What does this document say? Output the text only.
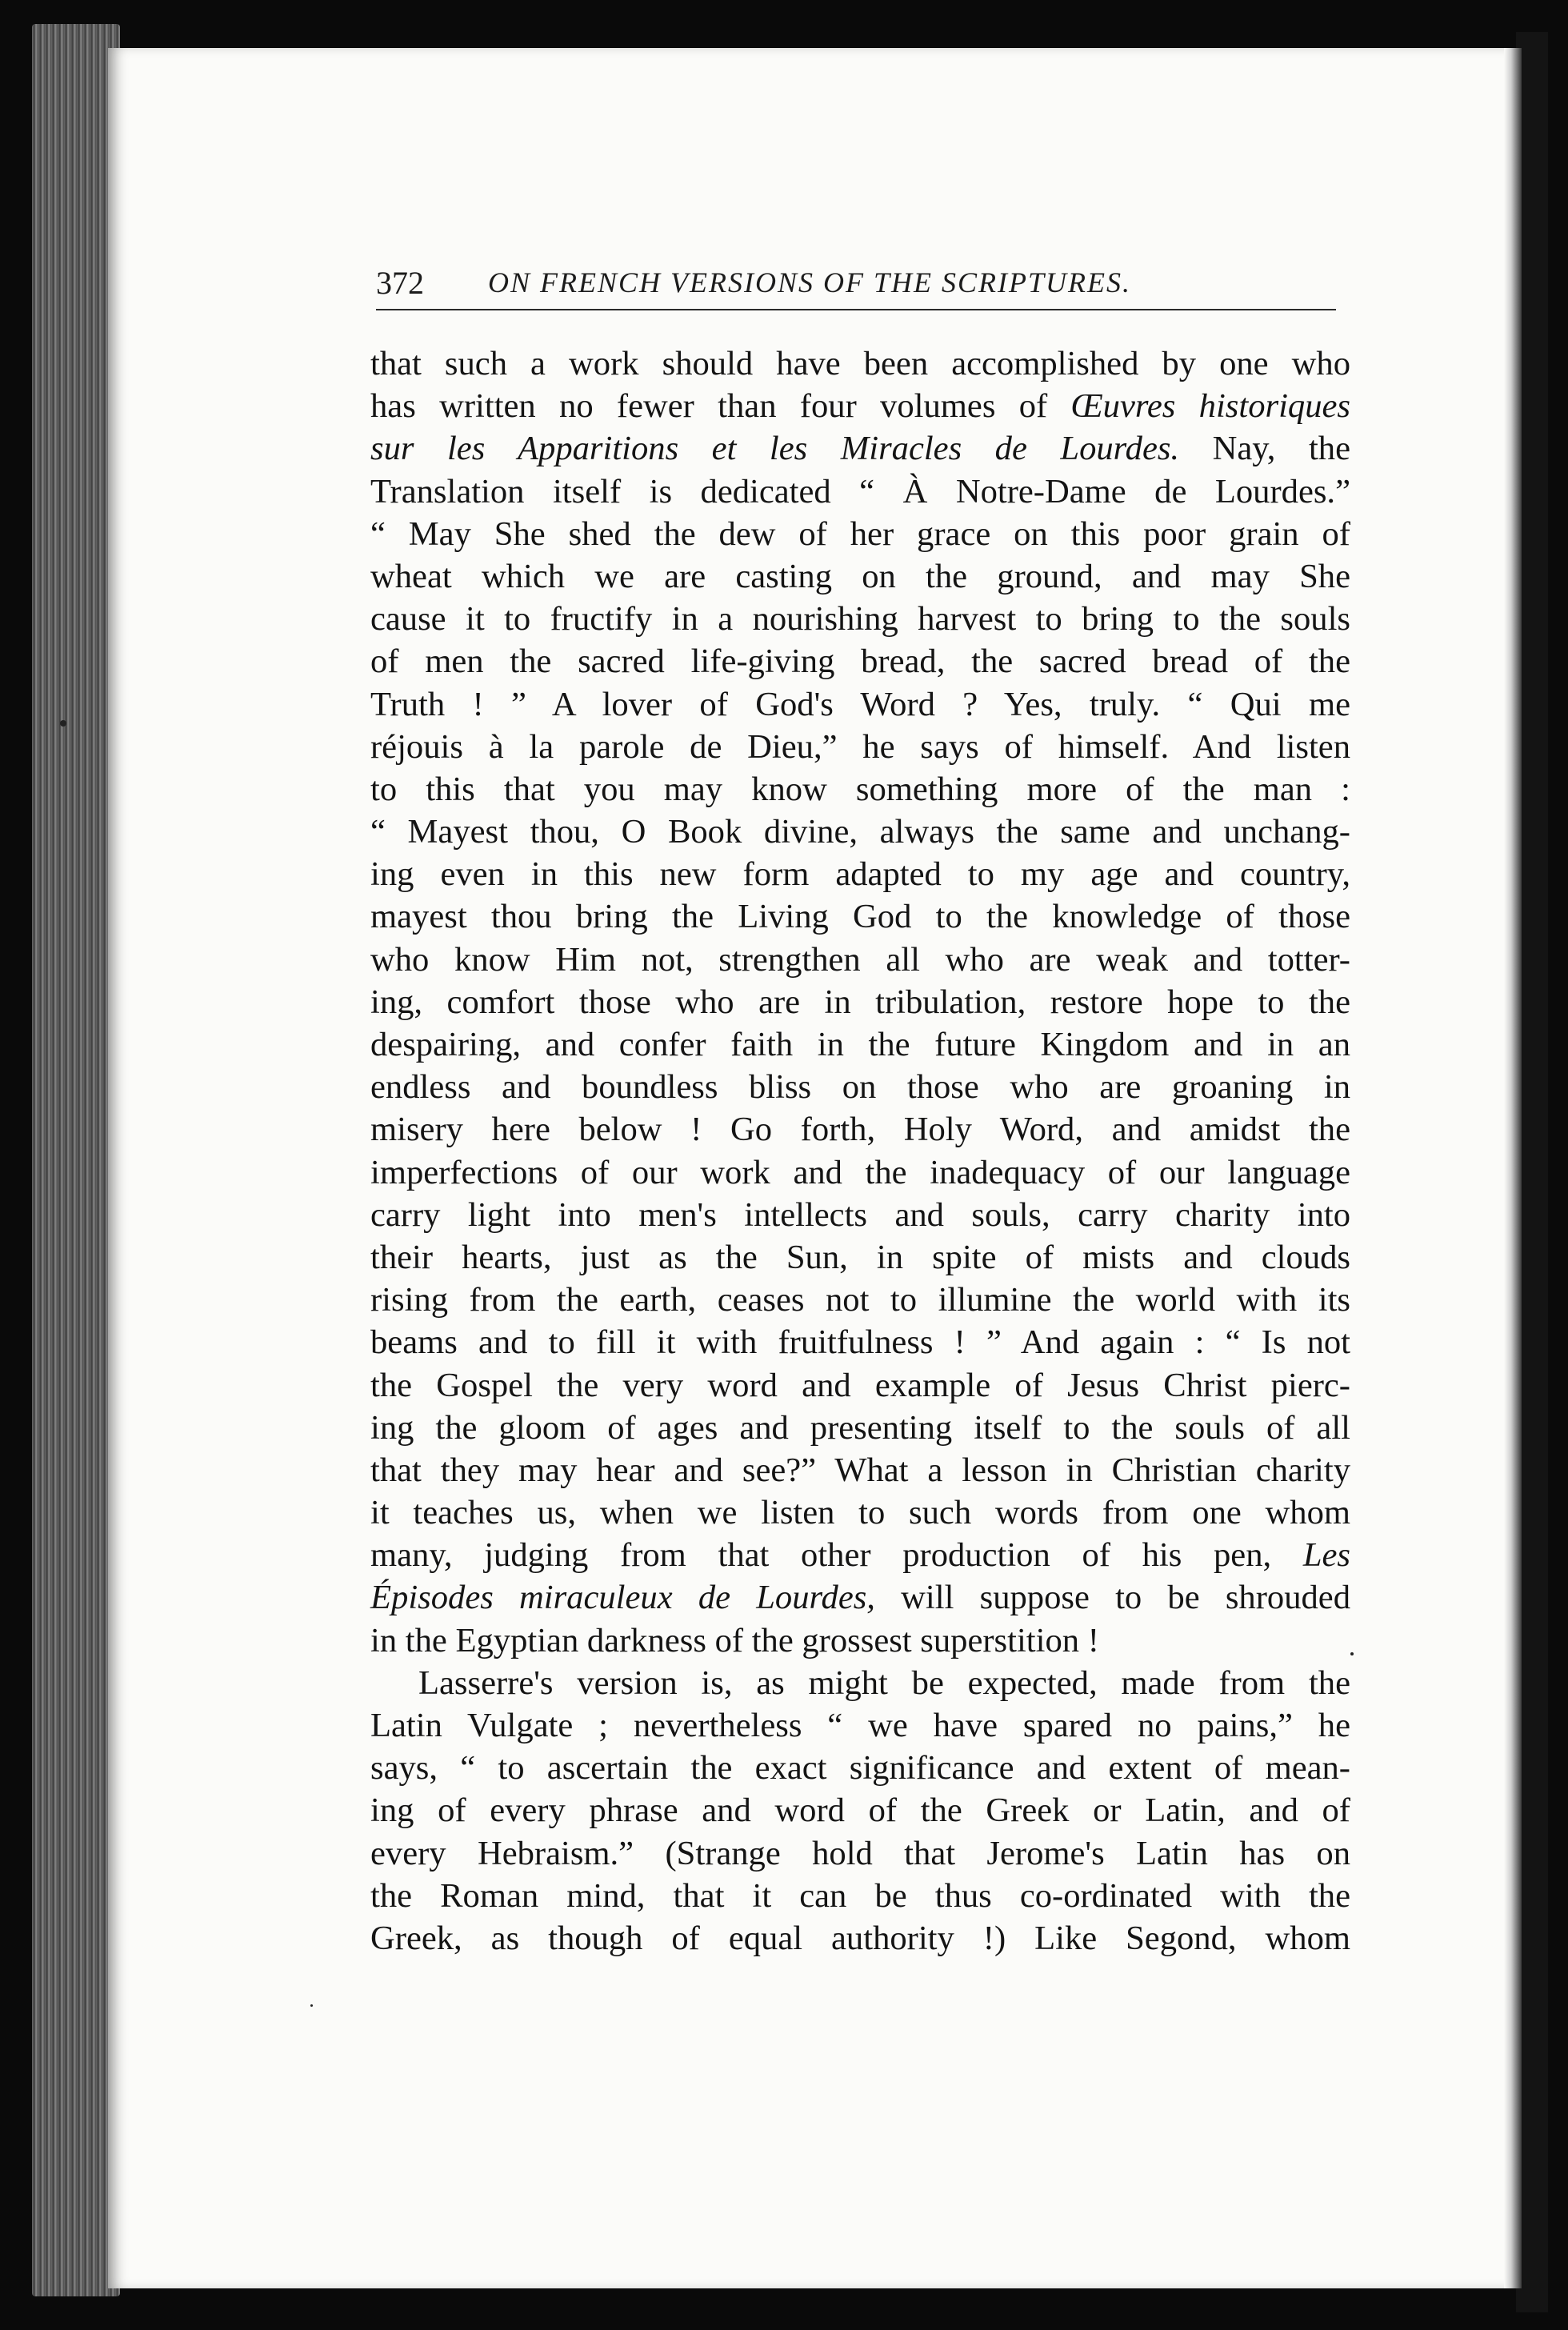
372 ON FRENCH VERSIONS OF THE SCRIPTURES.
that such a work should have been accomplished by one who
has written no fewer than four volumes of Œuvres historiques
sur les Apparitions et les Miracles de Lourdes. Nay, the
Translation itself is dedicated “ À Notre-Dame de Lourdes.”
“ May She shed the dew of her grace on this poor grain of
wheat which we are casting on the ground, and may She
cause it to fructify in a nourishing harvest to bring to the souls
of men the sacred life-giving bread, the sacred bread of the
Truth ! ” A lover of God's Word ? Yes, truly. “ Qui me
réjouis à la parole de Dieu,” he says of himself. And listen
to this that you may know something more of the man :
“ Mayest thou, O Book divine, always the same and unchang-
ing even in this new form adapted to my age and country,
mayest thou bring the Living God to the knowledge of those
who know Him not, strengthen all who are weak and totter-
ing, comfort those who are in tribulation, restore hope to the
despairing, and confer faith in the future Kingdom and in an
endless and boundless bliss on those who are groaning in
misery here below ! Go forth, Holy Word, and amidst the
imperfections of our work and the inadequacy of our language
carry light into men's intellects and souls, carry charity into
their hearts, just as the Sun, in spite of mists and clouds
rising from the earth, ceases not to illumine the world with its
beams and to fill it with fruitfulness ! ” And again : “ Is not
the Gospel the very word and example of Jesus Christ pierc-
ing the gloom of ages and presenting itself to the souls of all
that they may hear and see?” What a lesson in Christian charity
it teaches us, when we listen to such words from one whom
many, judging from that other production of his pen, Les
Épisodes miraculeux de Lourdes, will suppose to be shrouded
in the Egyptian darkness of the grossest superstition !
Lasserre's version is, as might be expected, made from the
Latin Vulgate ; nevertheless “ we have spared no pains,” he
says, “ to ascertain the exact significance and extent of mean-
ing of every phrase and word of the Greek or Latin, and of
every Hebraism.” (Strange hold that Jerome's Latin has on
the Roman mind, that it can be thus co-ordinated with the
Greek, as though of equal authority !) Like Segond, whom
